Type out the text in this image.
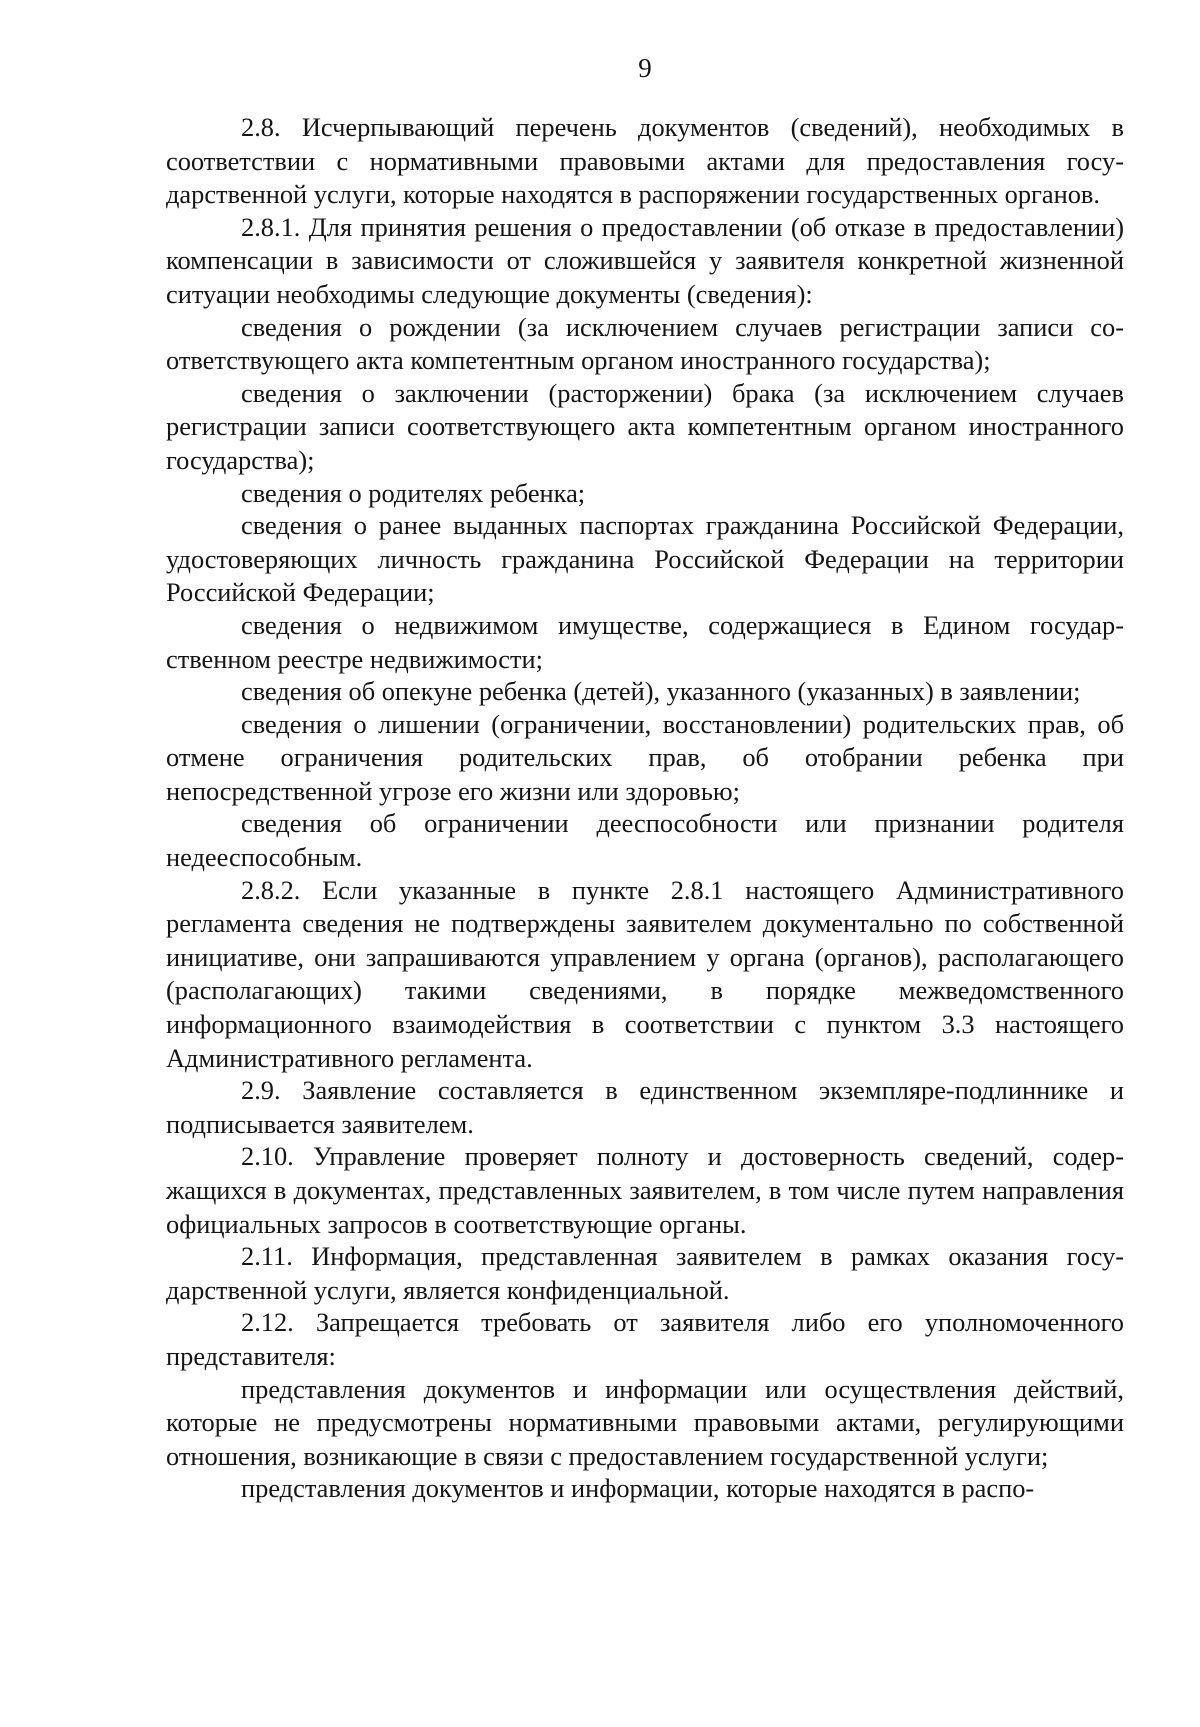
9

2.8. Исчерпывающий перечень документов (сведений), необходимых в соответствии с нормативными правовыми актами для предоставления государственной услуги, которые находятся в распоряжении государственных органов.

2.8.1. Для принятия решения о предоставлении (об отказе в предоставлении) компенсации в зависимости от сложившейся у заявителя конкретной жизненной ситуации необходимы следующие документы (сведения):

сведения о рождении (за исключением случаев регистрации записи соответствующего акта компетентным органом иностранного государства);

сведения о заключении (расторжении) брака (за исключением случаев регистрации записи соответствующего акта компетентным органом иностранного государства);

сведения о родителях ребенка;

сведения о ранее выданных паспортах гражданина Российской Федерации, удостоверяющих личность гражданина Российской Федерации на территории Российской Федерации;

сведения о недвижимом имуществе, содержащиеся в Едином государственном реестре недвижимости;

сведения об опекуне ребенка (детей), указанного (указанных) в заявлении;

сведения о лишении (ограничении, восстановлении) родительских прав, об отмене ограничения родительских прав, об отобрании ребенка при непосредственной угрозе его жизни или здоровью;

сведения об ограничении дееспособности или признании родителя недееспособным.

2.8.2. Если указанные в пункте 2.8.1 настоящего Административного регламента сведения не подтверждены заявителем документально по собственной инициативе, они запрашиваются управлением у органа (органов), располагающего (располагающих) такими сведениями, в порядке межведомственного информационного взаимодействия в соответствии с пунктом 3.3 настоящего Административного регламента.

2.9. Заявление составляется в единственном экземпляре-подлиннике и подписывается заявителем.

2.10. Управление проверяет полноту и достоверность сведений, содержащихся в документах, представленных заявителем, в том числе путем направления официальных запросов в соответствующие органы.

2.11. Информация, представленная заявителем в рамках оказания государственной услуги, является конфиденциальной.

2.12. Запрещается требовать от заявителя либо его уполномоченного представителя:

представления документов и информации или осуществления действий, которые не предусмотрены нормативными правовыми актами, регулирующими отношения, возникающие в связи с предоставлением государственной услуги;

представления документов и информации, которые находятся в распо-
